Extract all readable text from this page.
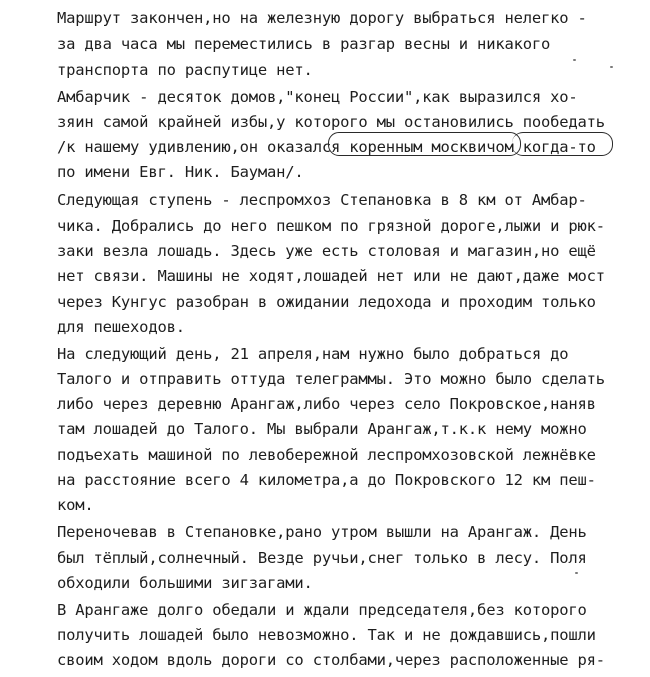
Маршрут закончен,но на железную дорогу выбраться нелегко -
за два часа мы переместились в разгар весны и никакого
транспорта по распутице нет.
Амбарчик - десяток домов,"конец России",как выразился хо-
зяин самой крайней избы,у которого мы остановились пообедать
/к нашему удивлению,он оказался коренным москвичом когда-то
по имени Евг. Ник. Бауман/.
Следующая ступень - леспромхоз Степановка в 8 км от Амбар-
чика. Добрались до него пешком по грязной дороге,лыжи и рюк-
заки везла лошадь. Здесь уже есть столовая и магазин,но ещё
нет связи. Машины не ходят,лошадей нет или не дают,даже мост
через Кунгус разобран в ожидании ледохода и проходим только
для пешеходов.
На следующий день, 21 апреля,нам нужно было добраться до
Талого и отправить оттуда телеграммы. Это можно было сделать
либо через деревню Арангаж,либо через село Покровское,наняв
там лошадей до Талого. Мы выбрали Арангаж,т.к.к нему можно
подъехать машиной по левобережной леспромхозовской лежнёвке
на расстояние всего 4 километра,а до Покровского 12 км пеш-
ком.
Переночевав в Степановке,рано утром вышли на Арангаж. День
был тёплый,солнечный. Везде ручьи,снег только в лесу. Поля
обходили большими зигзагами.
В Арангаже долго обедали и ждали председателя,без которого
получить лошадей было невозможно. Так и не дождавшись,пошли
своим ходом вдоль дороги со столбами,через расположенные ря-
